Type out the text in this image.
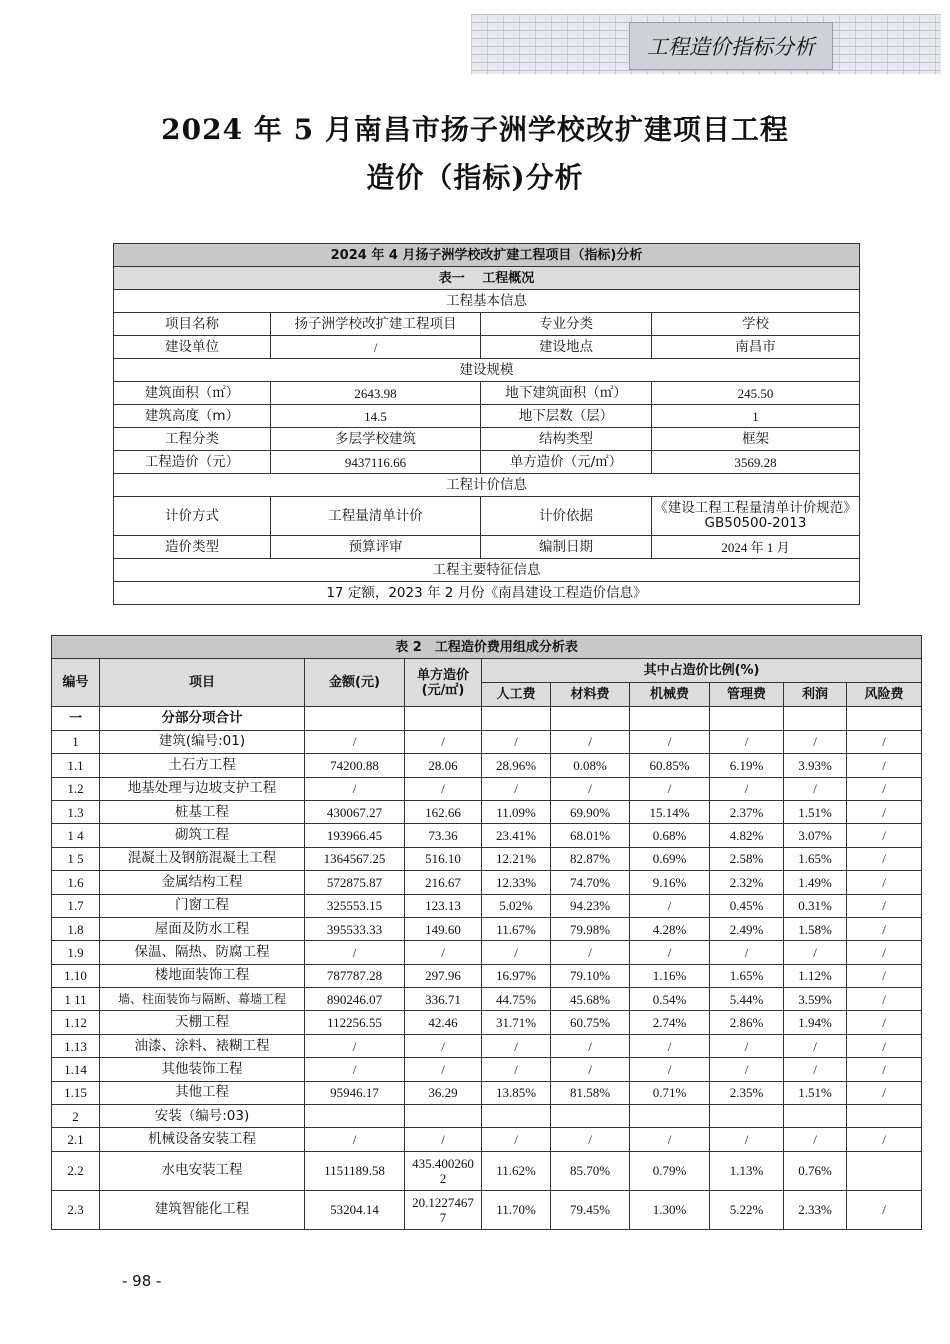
工程造价指标分析
2024 年 5 月南昌市扬子洲学校改扩建项目工程
造价（指标)分析
2024 年 4 月扬子洲学校改扩建工程项目（指标)分析			
表一　 工程概况			
工程基本信息			
项目名称	扬子洲学校改扩建工程项目	专业分类	学校
建设单位	/	建设地点	南昌市
建设规模			
建筑面积（㎡）	2643.98	地下建筑面积（㎡）	245.50
建筑高度（m）	14.5	地下层数（层）	1
工程分类	多层学校建筑	结构类型	框架
工程造价（元）	9437116.66	单方造价（元/㎡）	3569.28
工程计价信息			
计价方式	工程量清单计价	计价依据	《建设工程工程量清单计价规范》GB50500-2013
造价类型	预算评审	编制日期	2024 年 1 月
工程主要特征信息			
17 定额，2023 年 2 月份《南昌建设工程造价信息》			
表 2　工程造价费用组成分析表									
编号	项目	金额(元)	单方造价(元/㎡)	其中占造价比例(%)					
				人工费	材料费	机械费	管理费	利润	风险费
一	分部分项合计								
1	建筑(编号:01)	/	/	/	/	/	/	/	/
1.1	土石方工程	74200.88	28.06	28.96%	0.08%	60.85%	6.19%	3.93%	/
1.2	地基处理与边坡支护工程	/	/	/	/	/	/	/	/
1.3	桩基工程	430067.27	162.66	11.09%	69.90%	15.14%	2.37%	1.51%	/
1 4	砌筑工程	193966.45	73.36	23.41%	68.01%	0.68%	4.82%	3.07%	/
1 5	混凝土及钢筋混凝土工程	1364567.25	516.10	12.21%	82.87%	0.69%	2.58%	1.65%	/
1.6	金属结构工程	572875.87	216.67	12.33%	74.70%	9.16%	2.32%	1.49%	/
1.7	门窗工程	325553.15	123.13	5.02%	94.23%	/	0.45%	0.31%	/
1.8	屋面及防水工程	395533.33	149.60	11.67%	79.98%	4.28%	2.49%	1.58%	/
1.9	保温、隔热、防腐工程	/	/	/	/	/	/	/	/
1.10	楼地面装饰工程	787787.28	297.96	16.97%	79.10%	1.16%	1.65%	1.12%	/
1 11	墙、柱面装饰与隔断、幕墙工程	890246.07	336.71	44.75%	45.68%	0.54%	5.44%	3.59%	/
1.12	天棚工程	112256.55	42.46	31.71%	60.75%	2.74%	2.86%	1.94%	/
1.13	油漆、涂料、裱糊工程	/	/	/	/	/	/	/	/
1.14	其他装饰工程	/	/	/	/	/	/	/	/
1.15	其他工程	95946.17	36.29	13.85%	81.58%	0.71%	2.35%	1.51%	/
2	安装（编号:03)								
2.1	机械设备安装工程	/	/	/	/	/	/	/	/
2.2	水电安装工程	1151189.58	435.4002602	11.62%	85.70%	0.79%	1.13%	0.76%	
2.3	建筑智能化工程	53204.14	20.12274677	11.70%	79.45%	1.30%	5.22%	2.33%	/
- 98 -
